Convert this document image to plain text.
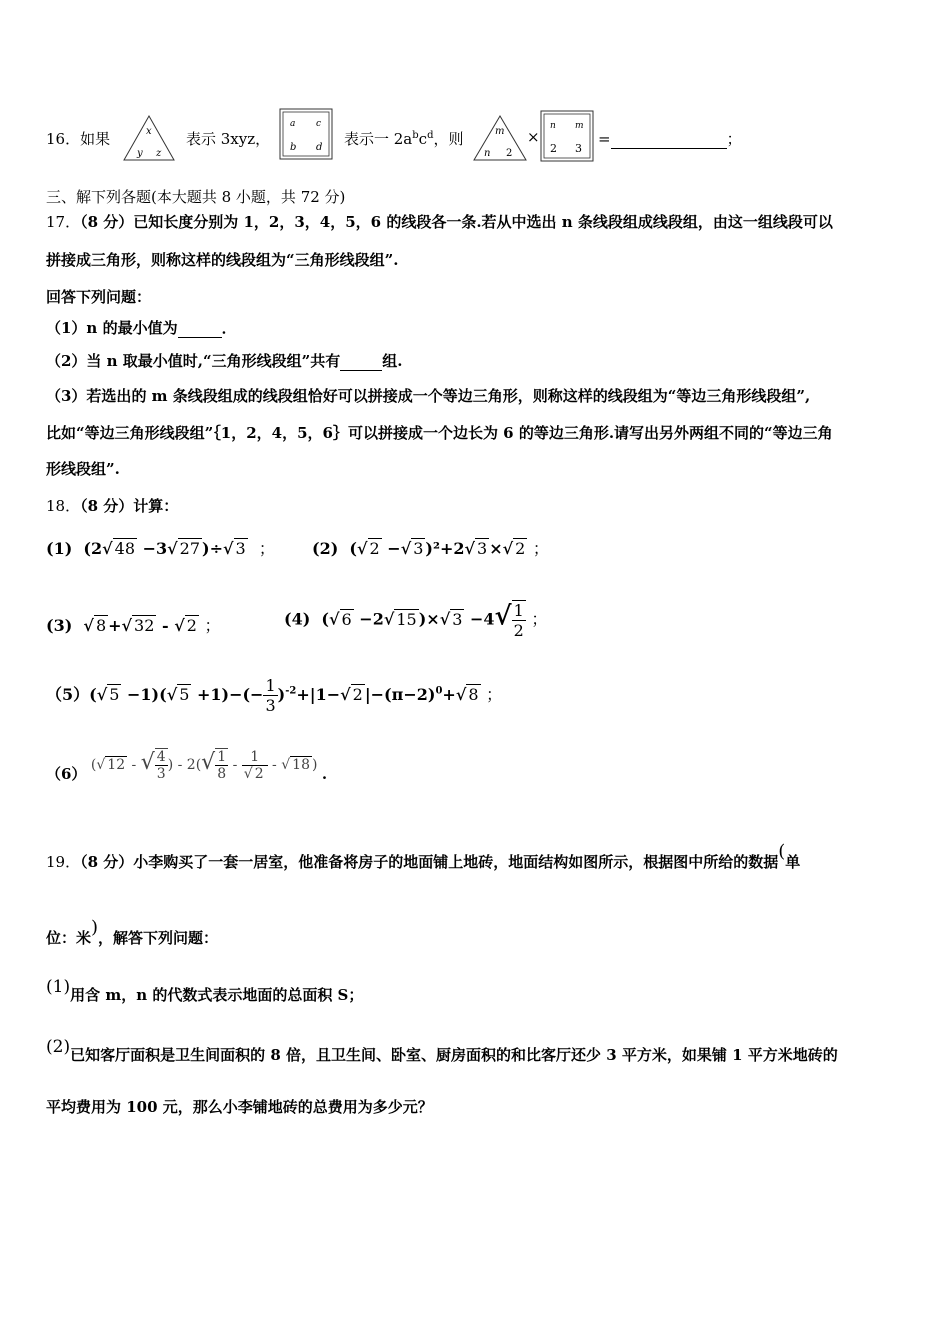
16．如果	x
y z
表示 3xyz，
a c
b d 表示一 $2a^bc^d$，则	m
n 2
×
n m
2 3
=	；
三、解下列各题(本大题共 8 小题，共 72 分)
17．（8 分）已知长度分别为 1，2，3，4，5，6 的线段各一条.若从中选出 n 条线段组成线段组，由这一组线段可以
拼接成三角形，则称这样的线段组为“三角形线段组”.
回答下列问题：
（1）n 的最小值为	．
（2）当 n 取最小值时,“三角形线段组”共有	组.
（3）若选出的 m 条线段组成的线段组恰好可以拼接成一个等边三角形，则称这样的线段组为“等边三角形线段组”,
比如“等边三角形线段组”｛1，2，4，5，6｝可以拼接成一个边长为 6 的等边三角形.请写出另外两组不同的“等边三角
形线段组”.
18．（8 分）计算：
(1) (2√ 48 −3√ 27 )÷√ 3 ； (2) (√ 2 −√ 3 )²+2√ 3 ×√ 2 ；
(3) √ 8 +√ 32 - √ 2 ；	(4) (√ 6 −2√ 15 )×√ $3 -4√ \frac{1}{2}$ ；
（5）(√ 5 −1)(√ $5 +1)-(- \frac{1}{3} )^{-2}+|1-√$ 2 $|-(\pi-2)^0+√$ 8 ；
（6） (√ 12 - √ $\frac{4}{3}$ ) - $2(√ \frac{1}{8} - \frac{1}{√ 2}$ - √ 18 ) .
19．（8 分）小李购买了一套一居室，他准备将房子的地面铺上地砖，地面结构如图所示，根据图中所给的数据(单
位：米)，解答下列问题：
(1)用含 m，n 的代数式表示地面的总面积 S；
(2)已知客厅面积是卫生间面积的 8 倍，且卫生间、卧室、厨房面积的和比客厅还少 3 平方米，如果铺 1 平方米地砖的
平均费用为 100 元，那么小李铺地砖的总费用为多少元？
